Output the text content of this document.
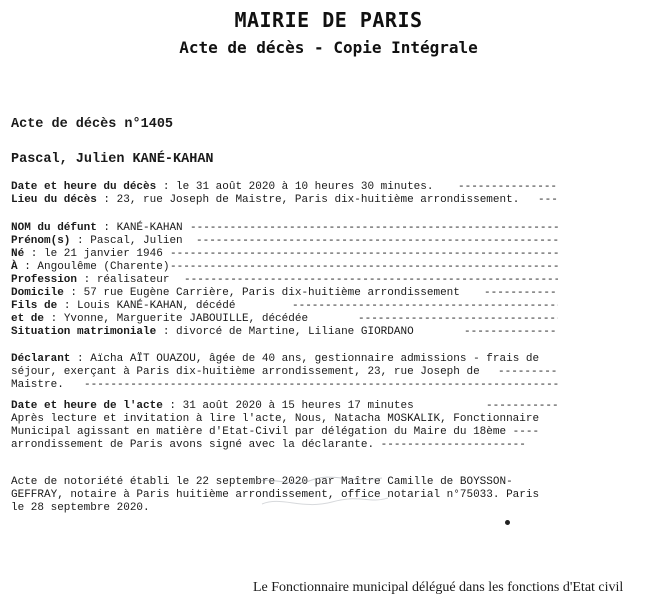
MAIRIE DE PARIS
Acte de décès - Copie Intégrale
Acte de décès n°1405
Pascal, Julien KANÉ-KAHAN
Date et heure du décès : le 31 août 2020 à 10 heures 30 minutes.
-----
Lieu du décès : 23, rue Joseph de Maistre, Paris dix-huitième arrondissement.
-----
NOM du défunt : KANÉ-KAHAN
-----
Prénom(s) : Pascal, Julien
-----
Né : le 21 janvier 1946
-----
À : Angoulême (Charente)
-----
Profession : réalisateur
-----
Domicile : 57 rue Eugène Carrière, Paris dix-huitième arrondissement
-----
Fils de : Louis KANÉ-KAHAN, décédé
-----
et de : Yvonne, Marguerite JABOUILLE, décédée
-----
Situation matrimoniale : divorcé de Martine, Liliane GIORDANO
-----
Déclarant : Aïcha AÏT OUAZOU, âgée de 40 ans, gestionnaire admissions - frais de
séjour, exerçant à Paris dix-huitième arrondissement, 23, rue Joseph de
Maistre.
-----
-----
Date et heure de l'acte : 31 août 2020 à 15 heures 17 minutes
-----
Après lecture et invitation à lire l'acte, Nous, Natacha MOSKALIK, Fonctionnaire
Municipal agissant en matière d'Etat-Civil par délégation du Maire du 18ème ----
arrondissement de Paris avons signé avec la déclarante. ----------------------
Acte de notoriété établi le 22 septembre 2020 par Maître Camille de BOYSSON-
GEFFRAY, notaire à Paris huitième arrondissement, office notarial n°75033. Paris
le 28 septembre 2020.
Le Fonctionnaire municipal délégué dans les fonctions d'Etat civil
